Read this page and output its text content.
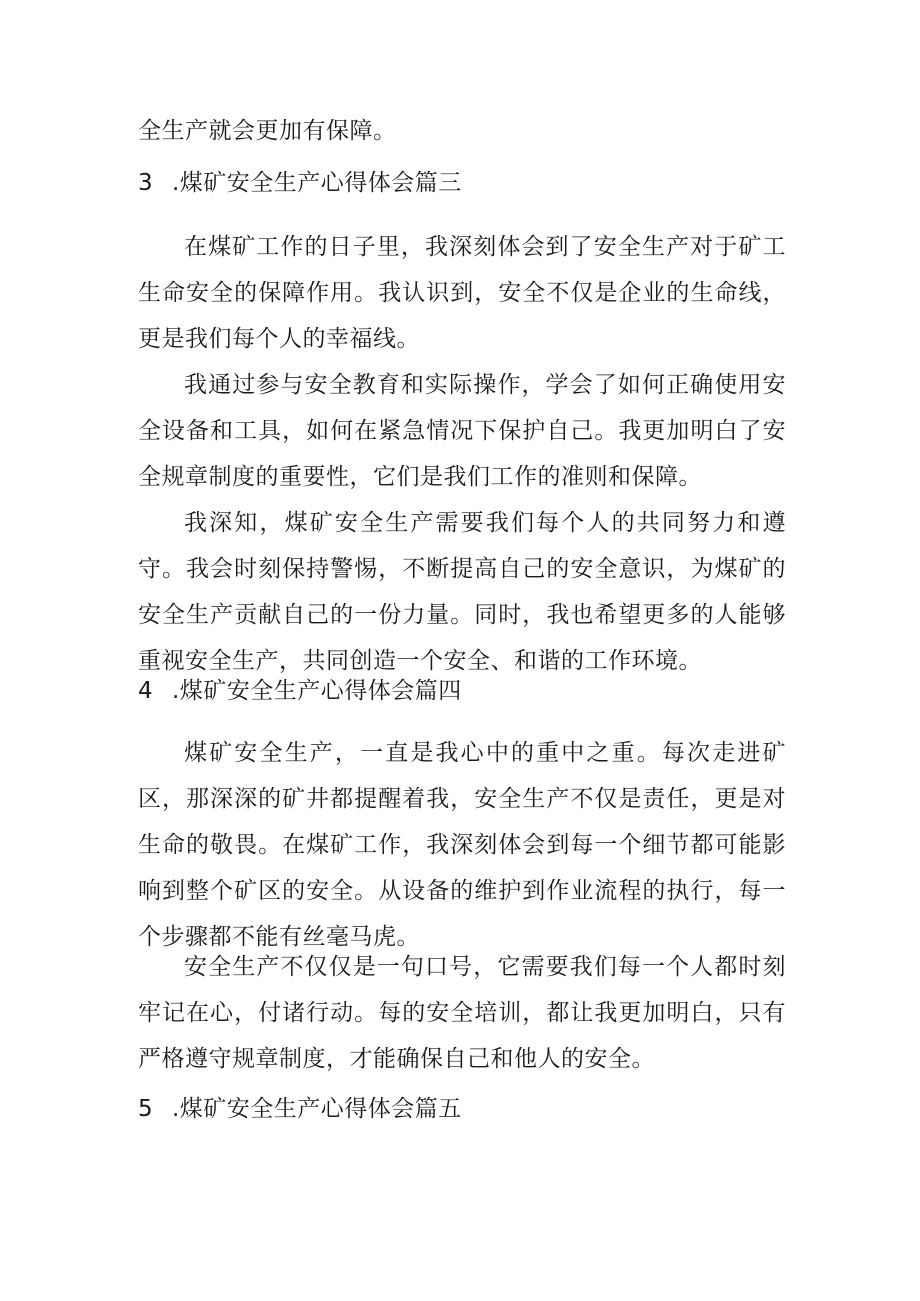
全生产就会更加有保障。

3 .煤矿安全生产心得体会篇三

在煤矿工作的日子里，我深刻体会到了安全生产对于矿工生命安全的保障作用。我认识到，安全不仅是企业的生命线，更是我们每个人的幸福线。

我通过参与安全教育和实际操作，学会了如何正确使用安全设备和工具，如何在紧急情况下保护自己。我更加明白了安全规章制度的重要性，它们是我们工作的准则和保障。

我深知，煤矿安全生产需要我们每个人的共同努力和遵守。我会时刻保持警惕，不断提高自己的安全意识，为煤矿的安全生产贡献自己的一份力量。同时，我也希望更多的人能够重视安全生产，共同创造一个安全、和谐的工作环境。

4 .煤矿安全生产心得体会篇四

煤矿安全生产，一直是我心中的重中之重。每次走进矿区，那深深的矿井都提醒着我，安全生产不仅是责任，更是对生命的敬畏。在煤矿工作，我深刻体会到每一个细节都可能影响到整个矿区的安全。从设备的维护到作业流程的执行，每一个步骤都不能有丝毫马虎。

安全生产不仅仅是一句口号，它需要我们每一个人都时刻牢记在心，付诸行动。每的安全培训，都让我更加明白，只有严格遵守规章制度，才能确保自己和他人的安全。

5 .煤矿安全生产心得体会篇五
